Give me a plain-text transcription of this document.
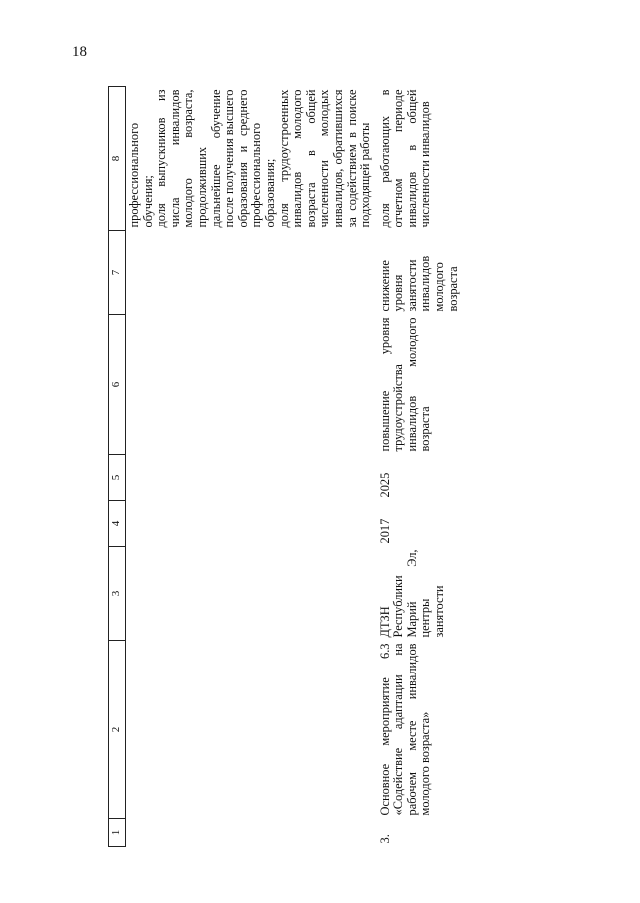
18
1	2	3	4	5	6	7	8

							профессионального обучения; доля выпускников из числа инвалидов молодого возраста, продолживших дальнейшее обучение после получения высшего образования и среднего профессионального образования; доля трудоустроенных инвалидов молодого возраста в общей численности молодых инвалидов, обратившихся за содействием в поиске подходящей работы

3.	Основное мероприятие 6.3 «Содействие адаптации на рабочем месте инвалидов молодого возраста»	ДТЗН Республики Марий Эл, центры занятости	2017	2025	повышение уровня трудоустройства инвалидов молодого возраста	снижение уровня занятости инвалидов молодого возраста	доля работающих в отчетном периоде инвалидов в общей численности инвалидов
